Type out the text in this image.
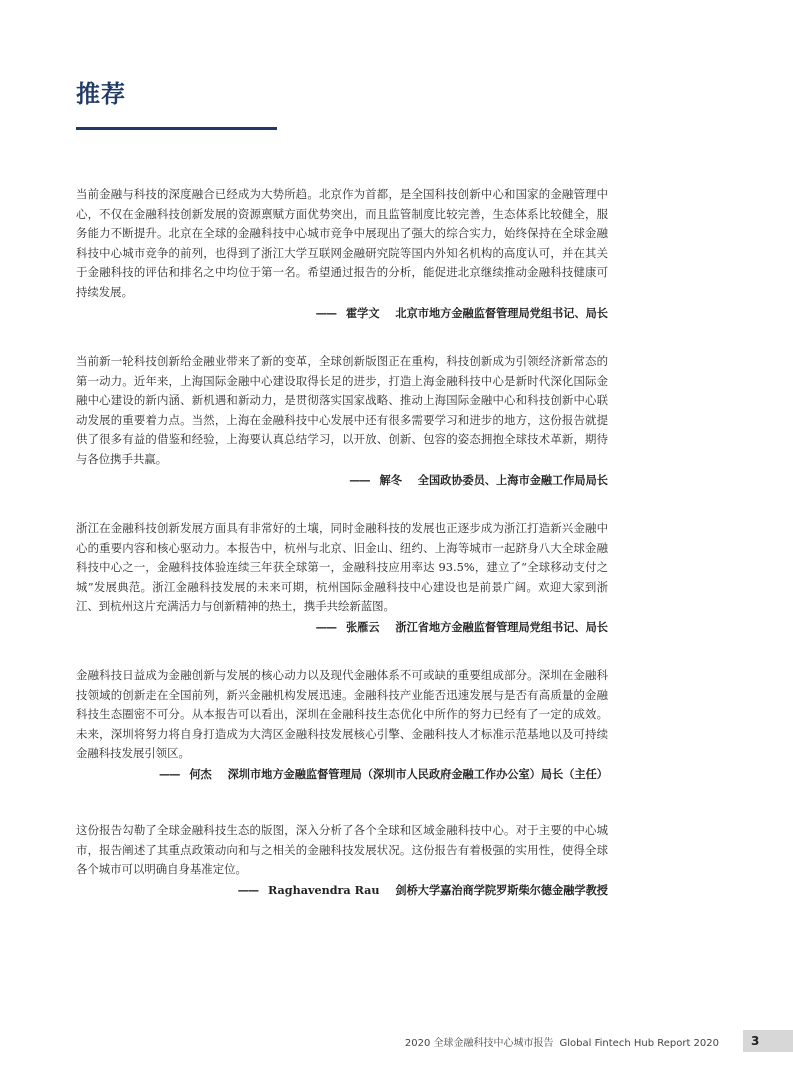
推荐

当前金融与科技的深度融合已经成为大势所趋。北京作为首都，是全国科技创新中心和国家的金融管理中心，不仅在金融科技创新发展的资源禀赋方面优势突出，而且监管制度比较完善，生态体系比较健全，服务能力不断提升。北京在全球的金融科技中心城市竞争中展现出了强大的综合实力，始终保持在全球金融科技中心城市竞争的前列，也得到了浙江大学互联网金融研究院等国内外知名机构的高度认可，并在其关于金融科技的评估和排名之中均位于第一名。希望通过报告的分析，能促进北京继续推动金融科技健康可持续发展。

—— 霍学文 北京市地方金融监督管理局党组书记、局长

当前新一轮科技创新给金融业带来了新的变革，全球创新版图正在重构，科技创新成为引领经济新常态的第一动力。近年来，上海国际金融中心建设取得长足的进步，打造上海金融科技中心是新时代深化国际金融中心建设的新内涵、新机遇和新动力，是贯彻落实国家战略、推动上海国际金融中心和科技创新中心联动发展的重要着力点。当然，上海在金融科技中心发展中还有很多需要学习和进步的地方，这份报告就提供了很多有益的借鉴和经验，上海要认真总结学习，以开放、创新、包容的姿态拥抱全球技术革新，期待与各位携手共赢。

—— 解冬 全国政协委员、上海市金融工作局局长

浙江在金融科技创新发展方面具有非常好的土壤，同时金融科技的发展也正逐步成为浙江打造新兴金融中心的重要内容和核心驱动力。本报告中，杭州与北京、旧金山、纽约、上海等城市一起跻身八大全球金融科技中心之一，金融科技体验连续三年获全球第一，金融科技应用率达 93.5%，建立了“全球移动支付之城”发展典范。浙江金融科技发展的未来可期，杭州国际金融科技中心建设也是前景广阔。欢迎大家到浙江、到杭州这片充满活力与创新精神的热土，携手共绘新蓝图。

—— 张雁云 浙江省地方金融监督管理局党组书记、局长

金融科技日益成为金融创新与发展的核心动力以及现代金融体系不可或缺的重要组成部分。深圳在金融科技领域的创新走在全国前列，新兴金融机构发展迅速。金融科技产业能否迅速发展与是否有高质量的金融科技生态圈密不可分。从本报告可以看出，深圳在金融科技生态优化中所作的努力已经有了一定的成效。未来，深圳将努力将自身打造成为大湾区金融科技发展核心引擎、金融科技人才标准示范基地以及可持续金融科技发展引领区。

—— 何杰 深圳市地方金融监督管理局（深圳市人民政府金融工作办公室）局长（主任）

这份报告勾勒了全球金融科技生态的版图，深入分析了各个全球和区域金融科技中心。对于主要的中心城市，报告阐述了其重点政策动向和与之相关的金融科技发展状况。这份报告有着极强的实用性，使得全球各个城市可以明确自身基准定位。

—— Raghavendra Rau 剑桥大学嘉治商学院罗斯柴尔德金融学教授
2020 全球金融科技中心城市报告 Global Fintech Hub Report 2020	3
